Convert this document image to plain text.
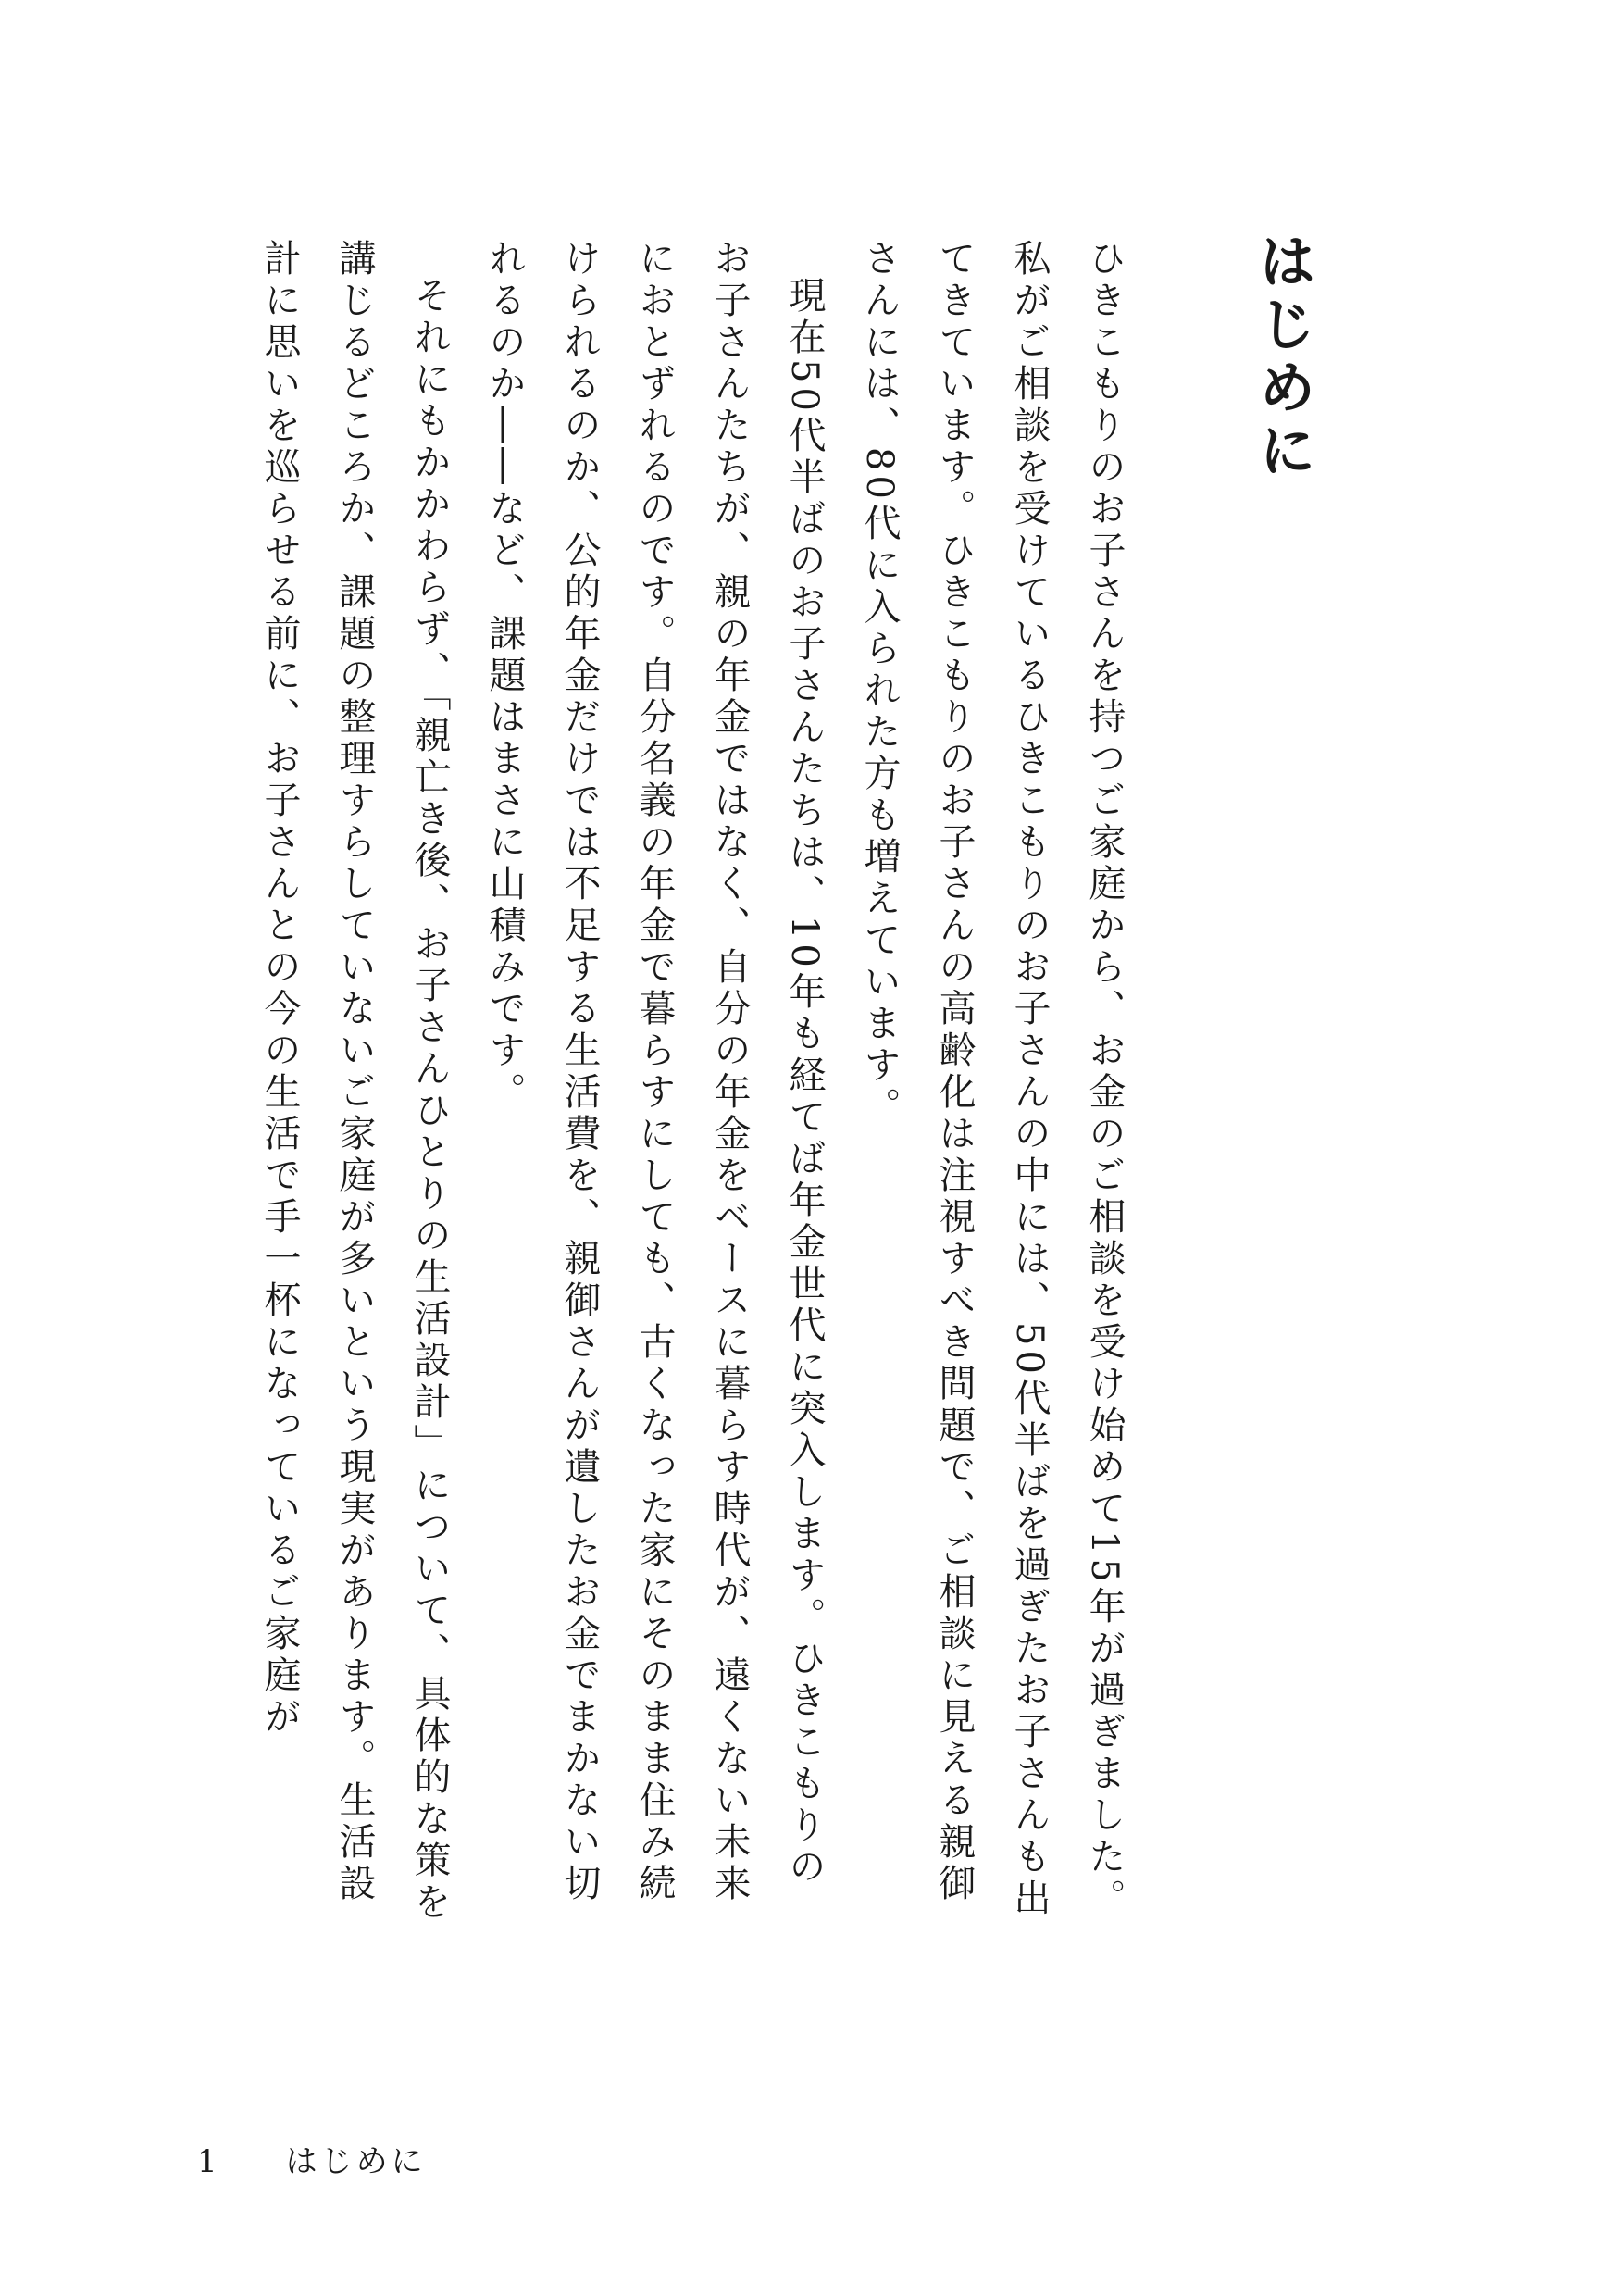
はじめに

ひきこもりのお子さんを持つご家庭から、お金のご相談を受け始めて15年が過ぎました。私がご相談を受けているひきこもりのお子さんの中には、50代半ばを過ぎたお子さんも出てきています。ひきこもりのお子さんの高齢化は注視すべき問題で、ご相談に見える親御さんには、80代に入られた方も増えています。

現在50代半ばのお子さんたちは、10年も経てば年金世代に突入します。ひきこもりのお子さんたちが、親の年金ではなく、自分の年金をベースに暮らす時代が、遠くない未来におとずれるのです。自分名義の年金で暮らすにしても、古くなった家にそのまま住み続けられるのか、公的年金だけでは不足する生活費を、親御さんが遺したお金でまかない切れるのか――など、課題はまさに山積みです。

それにもかかわらず、「親亡き後、お子さんひとりの生活設計」について、具体的な策を講じるどころか、課題の整理すらしていないご家庭が多いという現実があります。生活設計に思いを巡らせる前に、お子さんとの今の生活で手一杯になっているご家庭が

1 はじめに
